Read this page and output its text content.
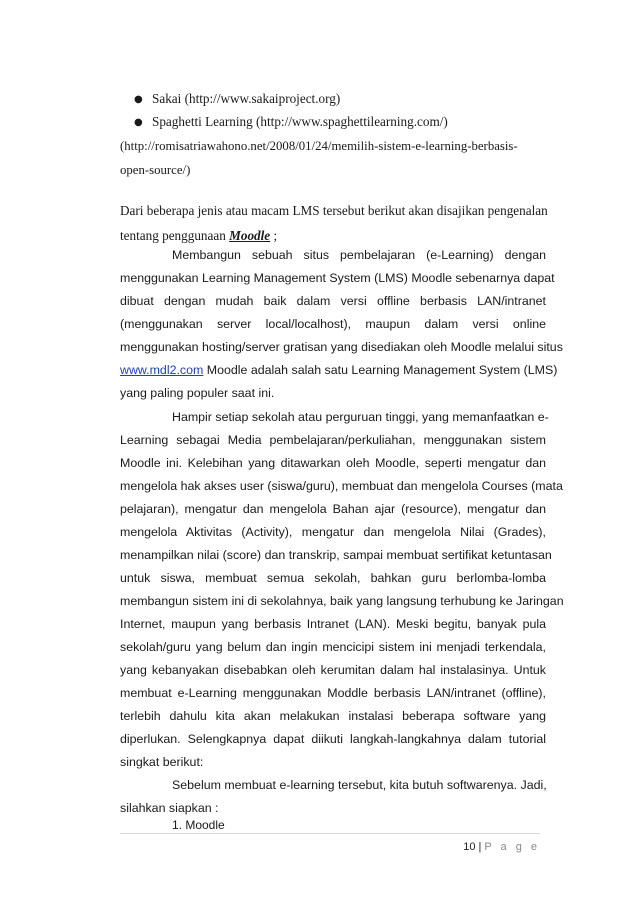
● Sakai (http://www.sakaiproject.org)
● Spaghetti Learning (http://www.spaghettilearning.com/)
(http://romisatriawahono.net/2008/01/24/memilih-sistem-e-learning-berbasis-
open-source/)
Dari beberapa jenis atau macam LMS tersebut berikut akan disajikan pengenalan
tentang penggunaan Moodle ;
Membangun sebuah situs pembelajaran (e-Learning) dengan
menggunakan Learning Management System (LMS) Moodle sebenarnya dapat
dibuat dengan mudah baik dalam versi offline berbasis LAN/intranet
(menggunakan server local/localhost), maupun dalam versi online
menggunakan hosting/server gratisan yang disediakan oleh Moodle melalui situs
www.mdl2.com Moodle adalah salah satu Learning Management System (LMS)
yang paling populer saat ini.
Hampir setiap sekolah atau perguruan tinggi, yang memanfaatkan e-
Learning sebagai Media pembelajaran/perkuliahan, menggunakan sistem
Moodle ini. Kelebihan yang ditawarkan oleh Moodle, seperti mengatur dan
mengelola hak akses user (siswa/guru), membuat dan mengelola Courses (mata
pelajaran), mengatur dan mengelola Bahan ajar (resource), mengatur dan
mengelola Aktivitas (Activity), mengatur dan mengelola Nilai (Grades),
menampilkan nilai (score) dan transkrip, sampai membuat sertifikat ketuntasan
untuk siswa, membuat semua sekolah, bahkan guru berlomba-lomba
membangun sistem ini di sekolahnya, baik yang langsung terhubung ke Jaringan
Internet, maupun yang berbasis Intranet (LAN). Meski begitu, banyak pula
sekolah/guru yang belum dan ingin mencicipi sistem ini menjadi terkendala,
yang kebanyakan disebabkan oleh kerumitan dalam hal instalasinya. Untuk
membuat e-Learning menggunakan Moddle berbasis LAN/intranet (offline),
terlebih dahulu kita akan melakukan instalasi beberapa software yang
diperlukan. Selengkapnya dapat diikuti langkah-langkahnya dalam tutorial
singkat berikut:
Sebelum membuat e-learning tersebut, kita butuh softwarenya. Jadi,
silahkan siapkan :
1. Moodle
10 | P a g e
